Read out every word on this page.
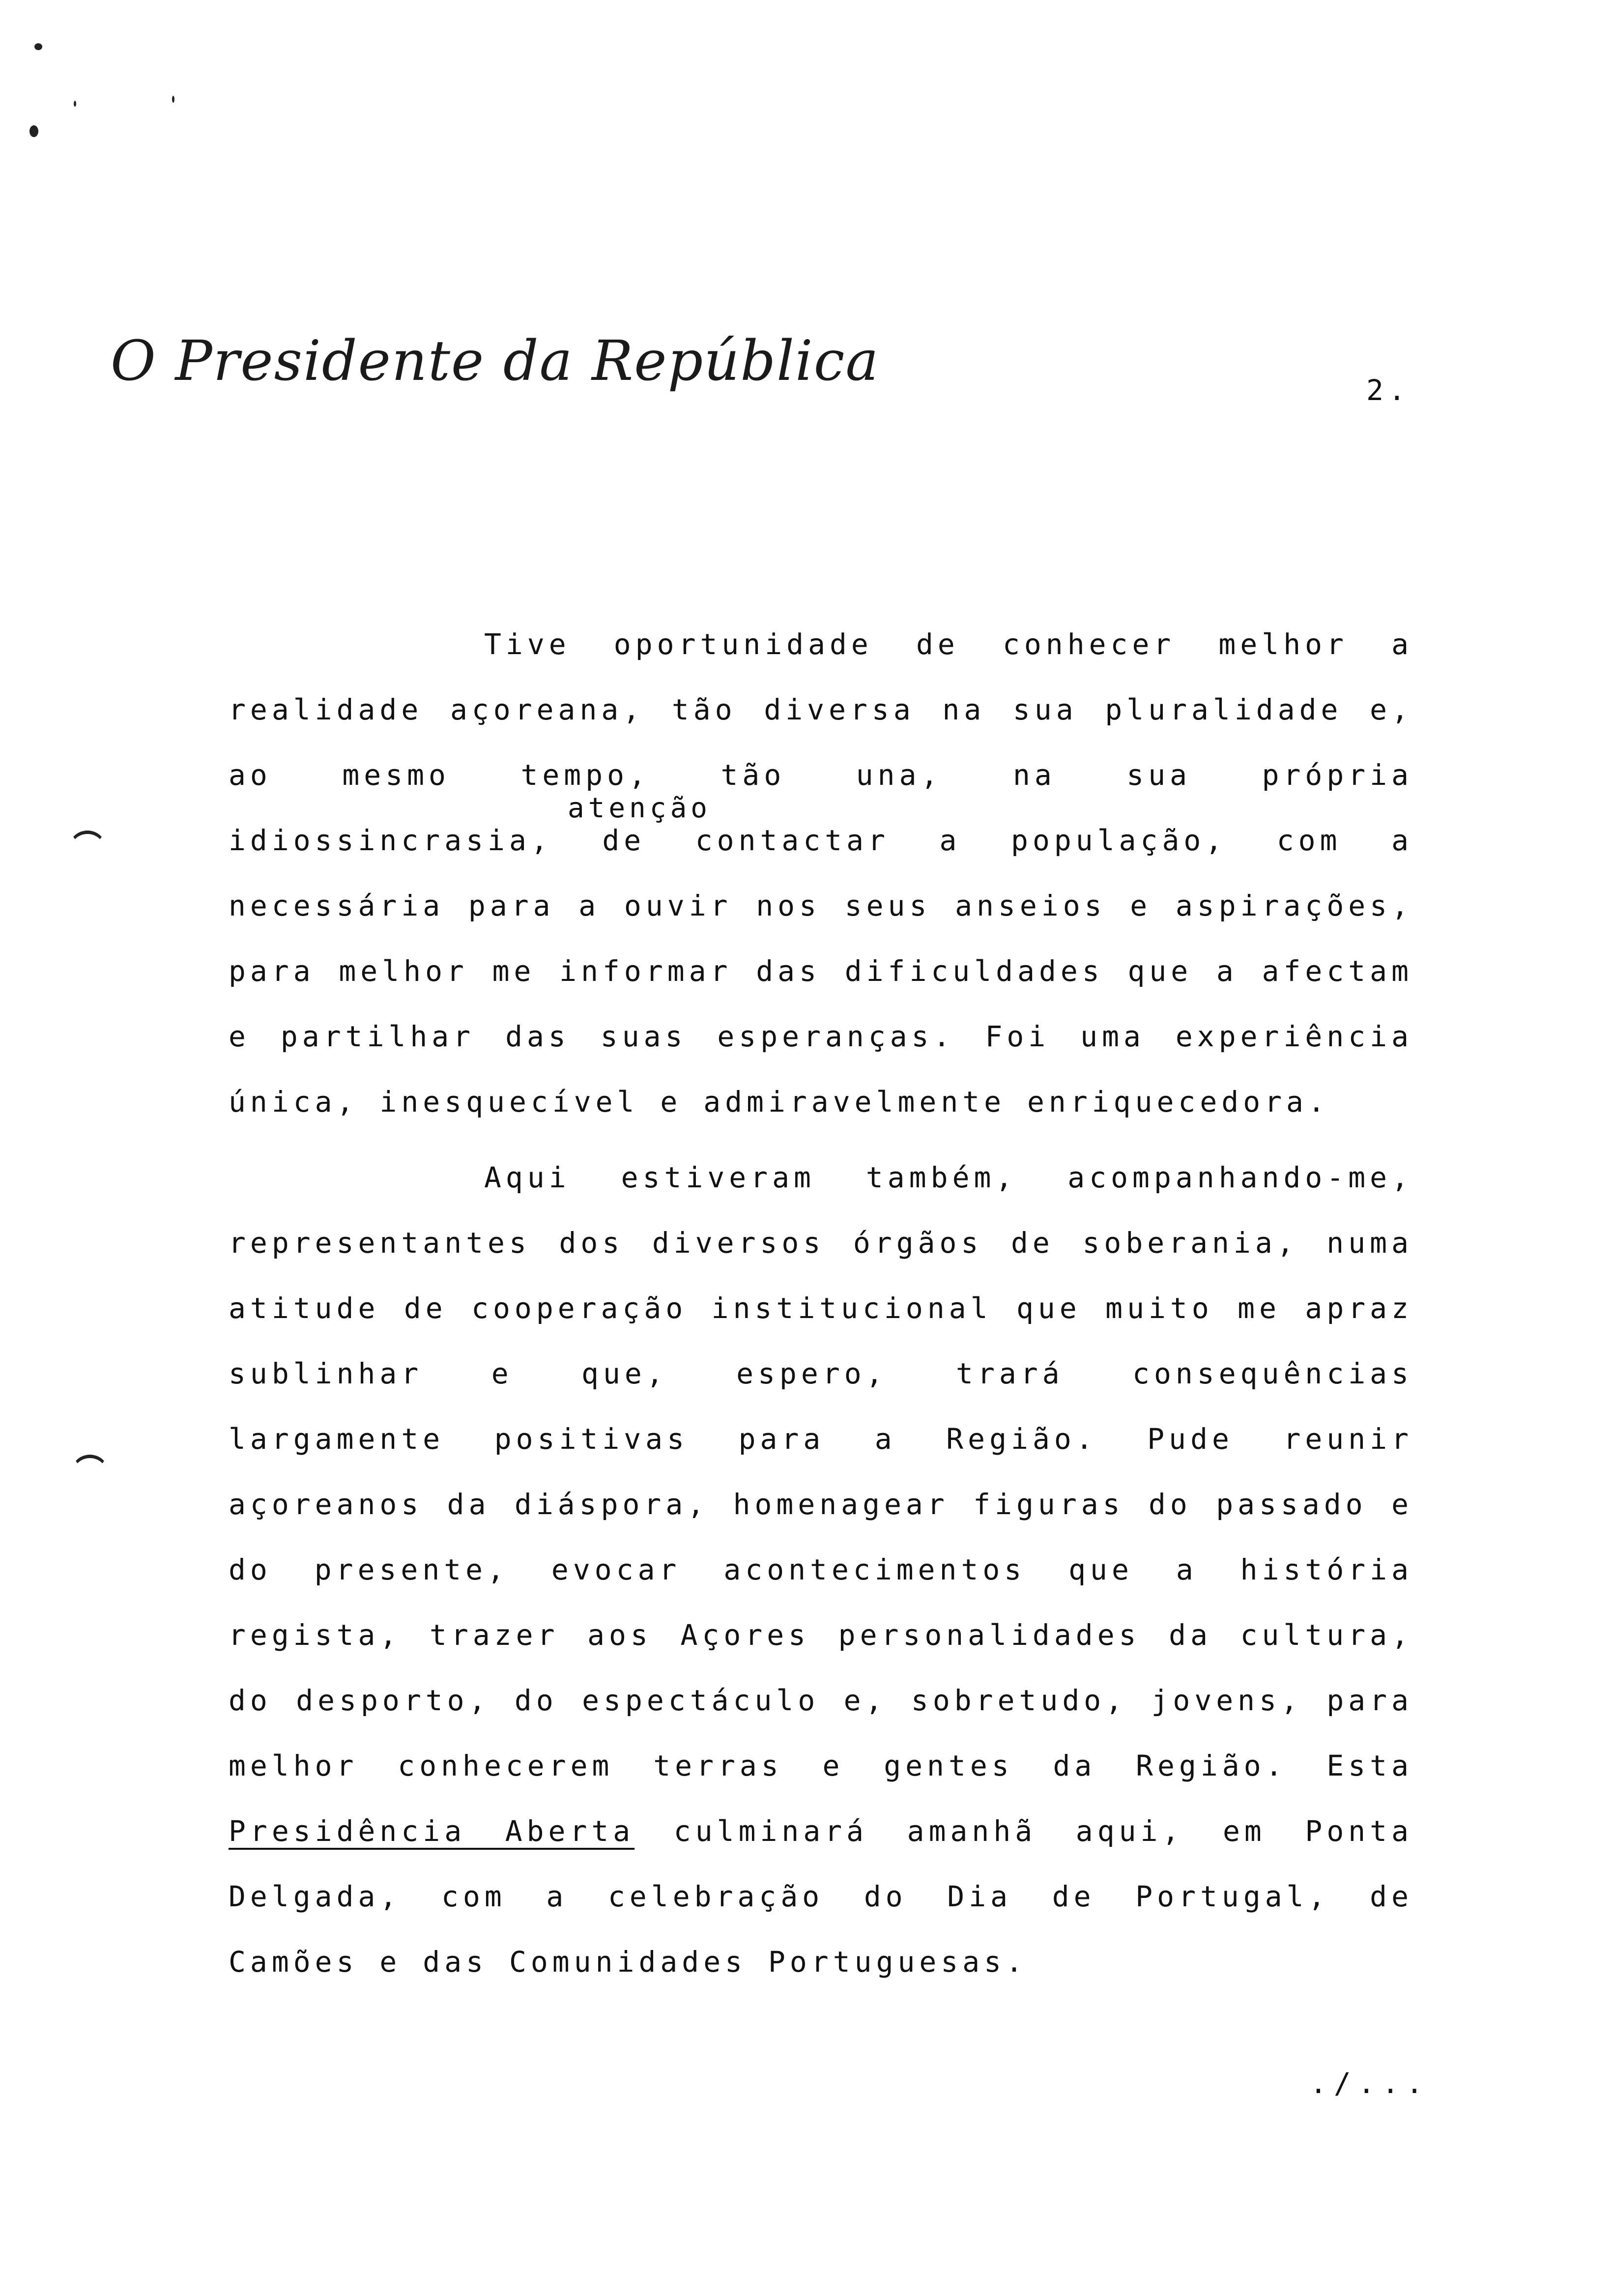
O Presidente da República	2.
atenção
Tive oportunidade de conhecer melhor a realidade açoreana, tão diversa na sua pluralidade e, ao mesmo tempo, tão una, na sua própria idiossincrasia, de contactar a população, com a necessária para a ouvir nos seus anseios e aspirações, para melhor me informar das dificuldades que a afectam e partilhar das suas esperanças. Foi uma experiência única, inesquecível e admiravelmente enriquecedora.
Aqui estiveram também, acompanhando-me, representantes dos diversos órgãos de soberania, numa atitude de cooperação institucional que muito me apraz sublinhar e que, espero, trará consequências largamente positivas para a Região. Pude reunir açoreanos da diáspora, homenagear figuras do passado e do presente, evocar acontecimentos que a história regista, trazer aos Açores personalidades da cultura, do desporto, do espectáculo e, sobretudo, jovens, para melhor conhecerem terras e gentes da Região. Esta Presidência Aberta culminará amanhã aqui, em Ponta Delgada, com a celebração do Dia de Portugal, de Camões e das Comunidades Portuguesas.
./...
